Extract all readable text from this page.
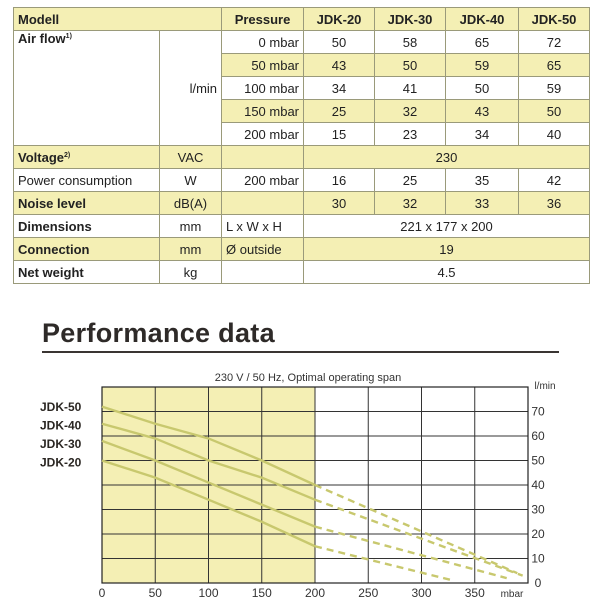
Modell		Pressure	JDK-20	JDK-30	JDK-40	JDK-50
Air flow$^{1)}$	l/min	0 mbar	50	58	65	72
		50 mbar	43	50	59	65
		100 mbar	34	41	50	59
		150 mbar	25	32	43	50
		200 mbar	15	23	34	40
Voltage$^{2)}$	VAC		230			
Power consumption	W	200 mbar	16	25	35	42
Noise level	dB(A)		30	32	33	36
Dimensions	mm	L x W x H	221 x 177 x 200			
Connection	mm	Ø outside	19			
Net weight	kg		4.5			
Performance data
JDK-50
JDK-40
JDK-30
JDK-20
0	50	100	150	200	250	300	350 mbar
0
10
20
30
40
50
60
70
l/min
230 V / 50 Hz, Optimal operating span
